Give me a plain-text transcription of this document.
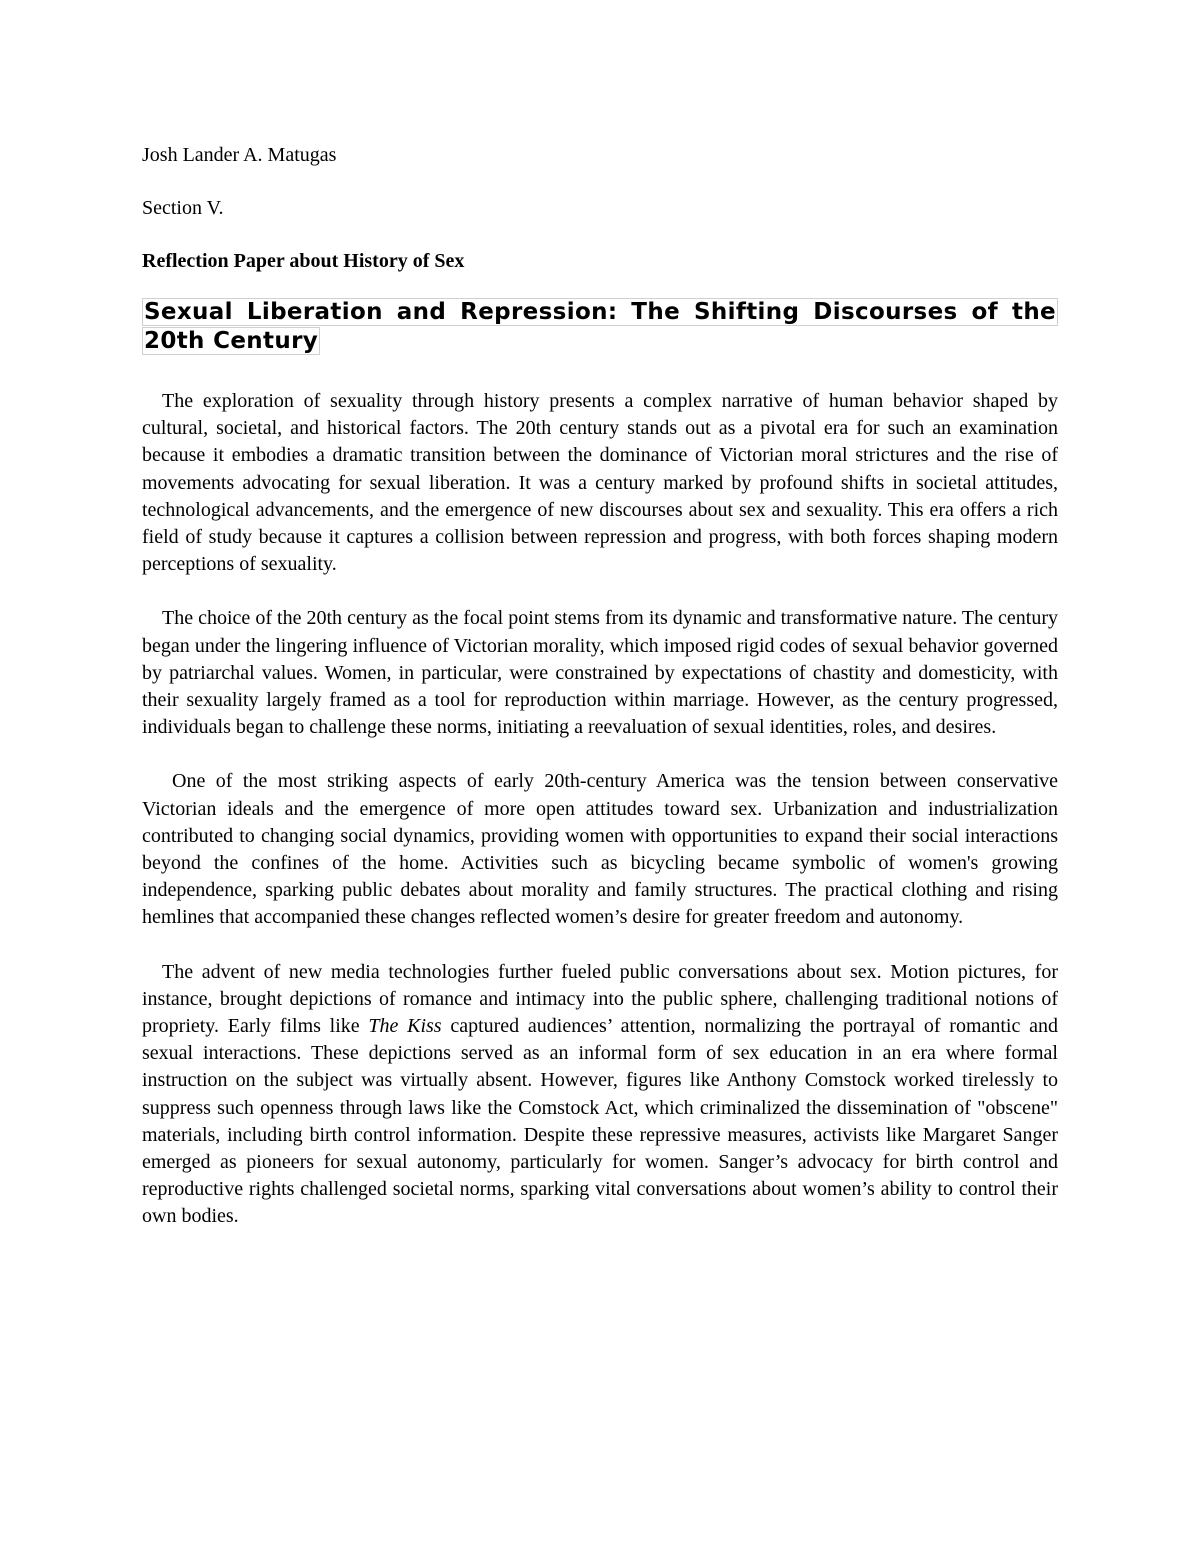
Josh Lander A. Matugas

Section V.

Reflection Paper about History of Sex

Sexual Liberation and Repression: The Shifting Discourses of the 20th Century

The exploration of sexuality through history presents a complex narrative of human behavior shaped by cultural, societal, and historical factors. The 20th century stands out as a pivotal era for such an examination because it embodies a dramatic transition between the dominance of Victorian moral strictures and the rise of movements advocating for sexual liberation. It was a century marked by profound shifts in societal attitudes, technological advancements, and the emergence of new discourses about sex and sexuality. This era offers a rich field of study because it captures a collision between repression and progress, with both forces shaping modern perceptions of sexuality.

The choice of the 20th century as the focal point stems from its dynamic and transformative nature. The century began under the lingering influence of Victorian morality, which imposed rigid codes of sexual behavior governed by patriarchal values. Women, in particular, were constrained by expectations of chastity and domesticity, with their sexuality largely framed as a tool for reproduction within marriage. However, as the century progressed, individuals began to challenge these norms, initiating a reevaluation of sexual identities, roles, and desires.

One of the most striking aspects of early 20th-century America was the tension between conservative Victorian ideals and the emergence of more open attitudes toward sex. Urbanization and industrialization contributed to changing social dynamics, providing women with opportunities to expand their social interactions beyond the confines of the home. Activities such as bicycling became symbolic of women's growing independence, sparking public debates about morality and family structures. The practical clothing and rising hemlines that accompanied these changes reflected women’s desire for greater freedom and autonomy.

The advent of new media technologies further fueled public conversations about sex. Motion pictures, for instance, brought depictions of romance and intimacy into the public sphere, challenging traditional notions of propriety. Early films like The Kiss captured audiences’ attention, normalizing the portrayal of romantic and sexual interactions. These depictions served as an informal form of sex education in an era where formal instruction on the subject was virtually absent. However, figures like Anthony Comstock worked tirelessly to suppress such openness through laws like the Comstock Act, which criminalized the dissemination of "obscene" materials, including birth control information. Despite these repressive measures, activists like Margaret Sanger emerged as pioneers for sexual autonomy, particularly for women. Sanger’s advocacy for birth control and reproductive rights challenged societal norms, sparking vital conversations about women’s ability to control their own bodies.
